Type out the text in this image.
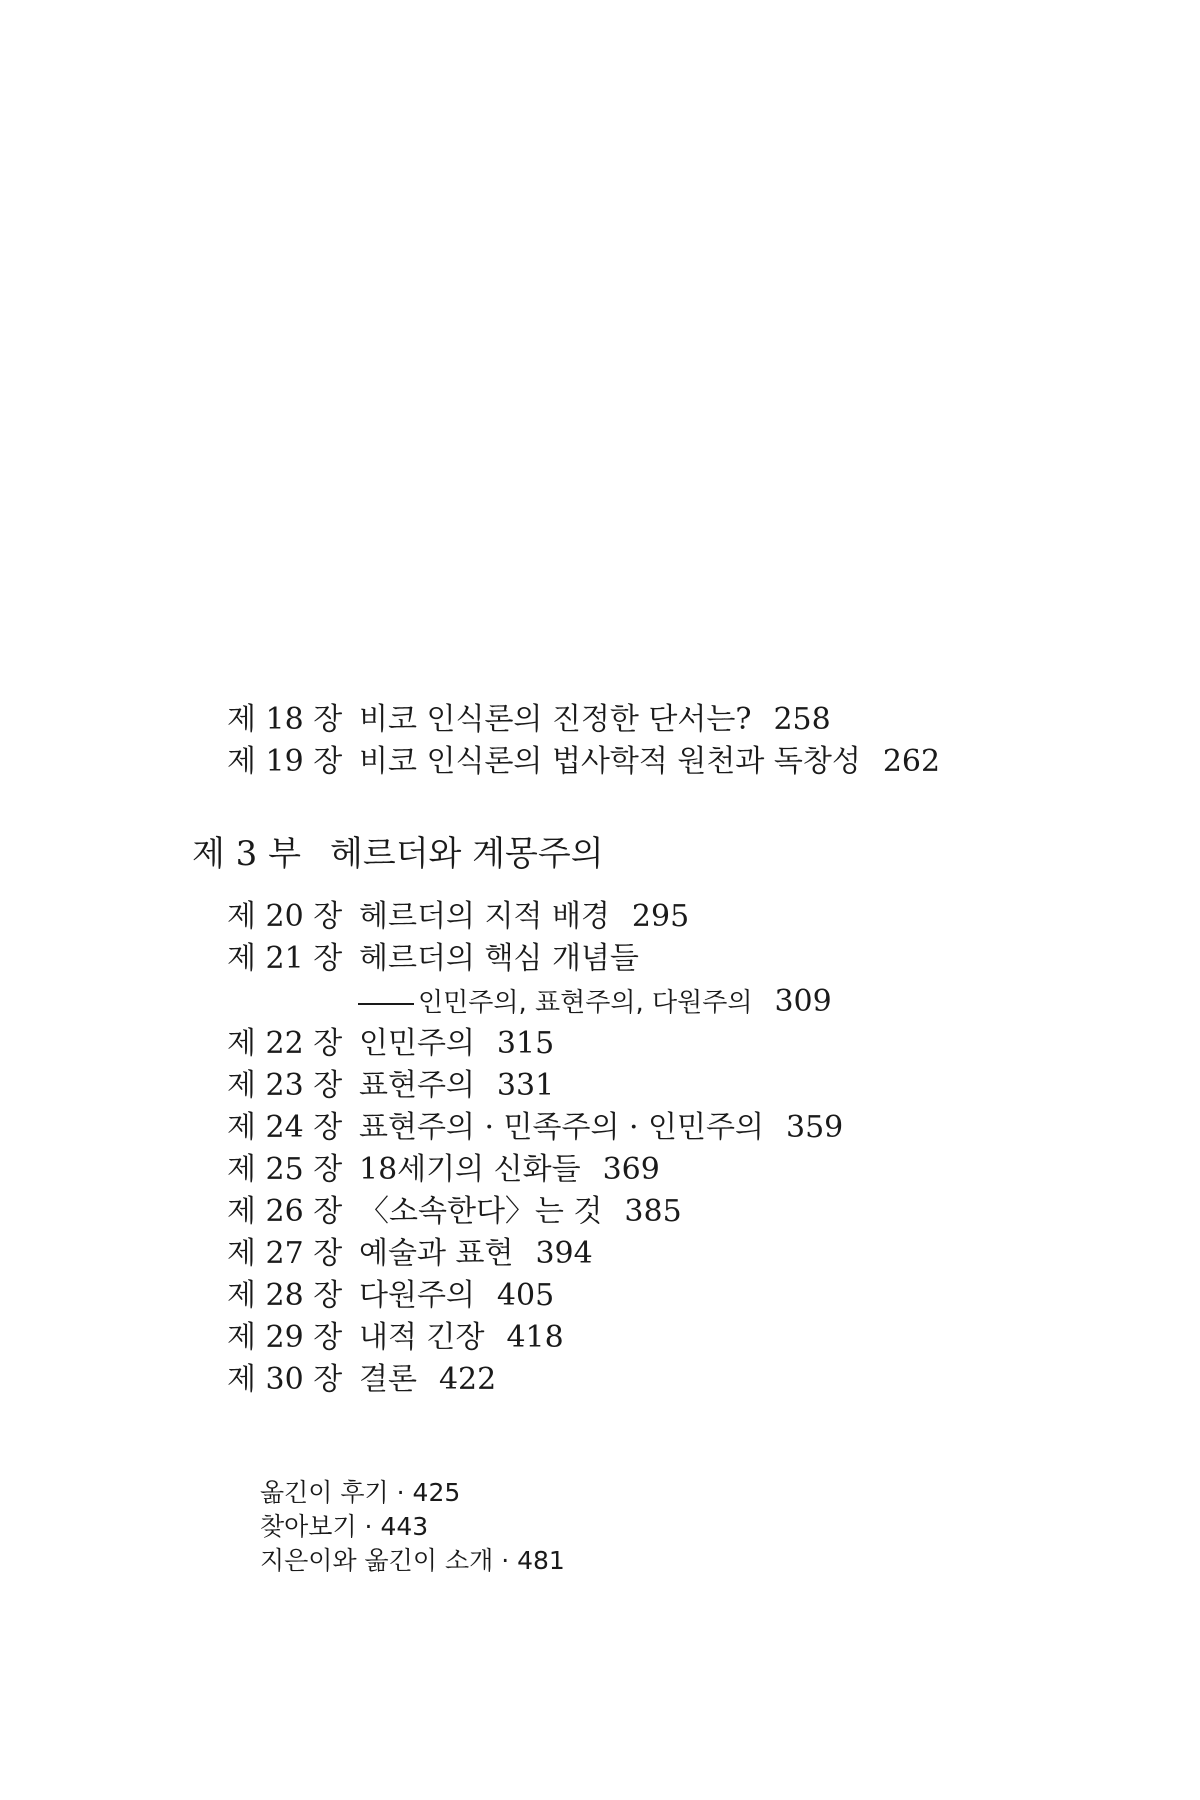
제 18 장 비코 인식론의 진정한 단서는? 258
제 19 장 비코 인식론의 법사학적 원천과 독창성 262
제 3 부 헤르더와 계몽주의
제 20 장 헤르더의 지적 배경 295
제 21 장 헤르더의 핵심 개념들
인민주의, 표현주의, 다원주의 309
제 22 장 인민주의 315
제 23 장 표현주의 331
제 24 장 표현주의 · 민족주의 · 인민주의 359
제 25 장 18세기의 신화들 369
제 26 장 〈소속한다〉는 것 385
제 27 장 예술과 표현 394
제 28 장 다원주의 405
제 29 장 내적 긴장 418
제 30 장 결론 422
옮긴이 후기 · 425
찾아보기 · 443
지은이와 옮긴이 소개 · 481
